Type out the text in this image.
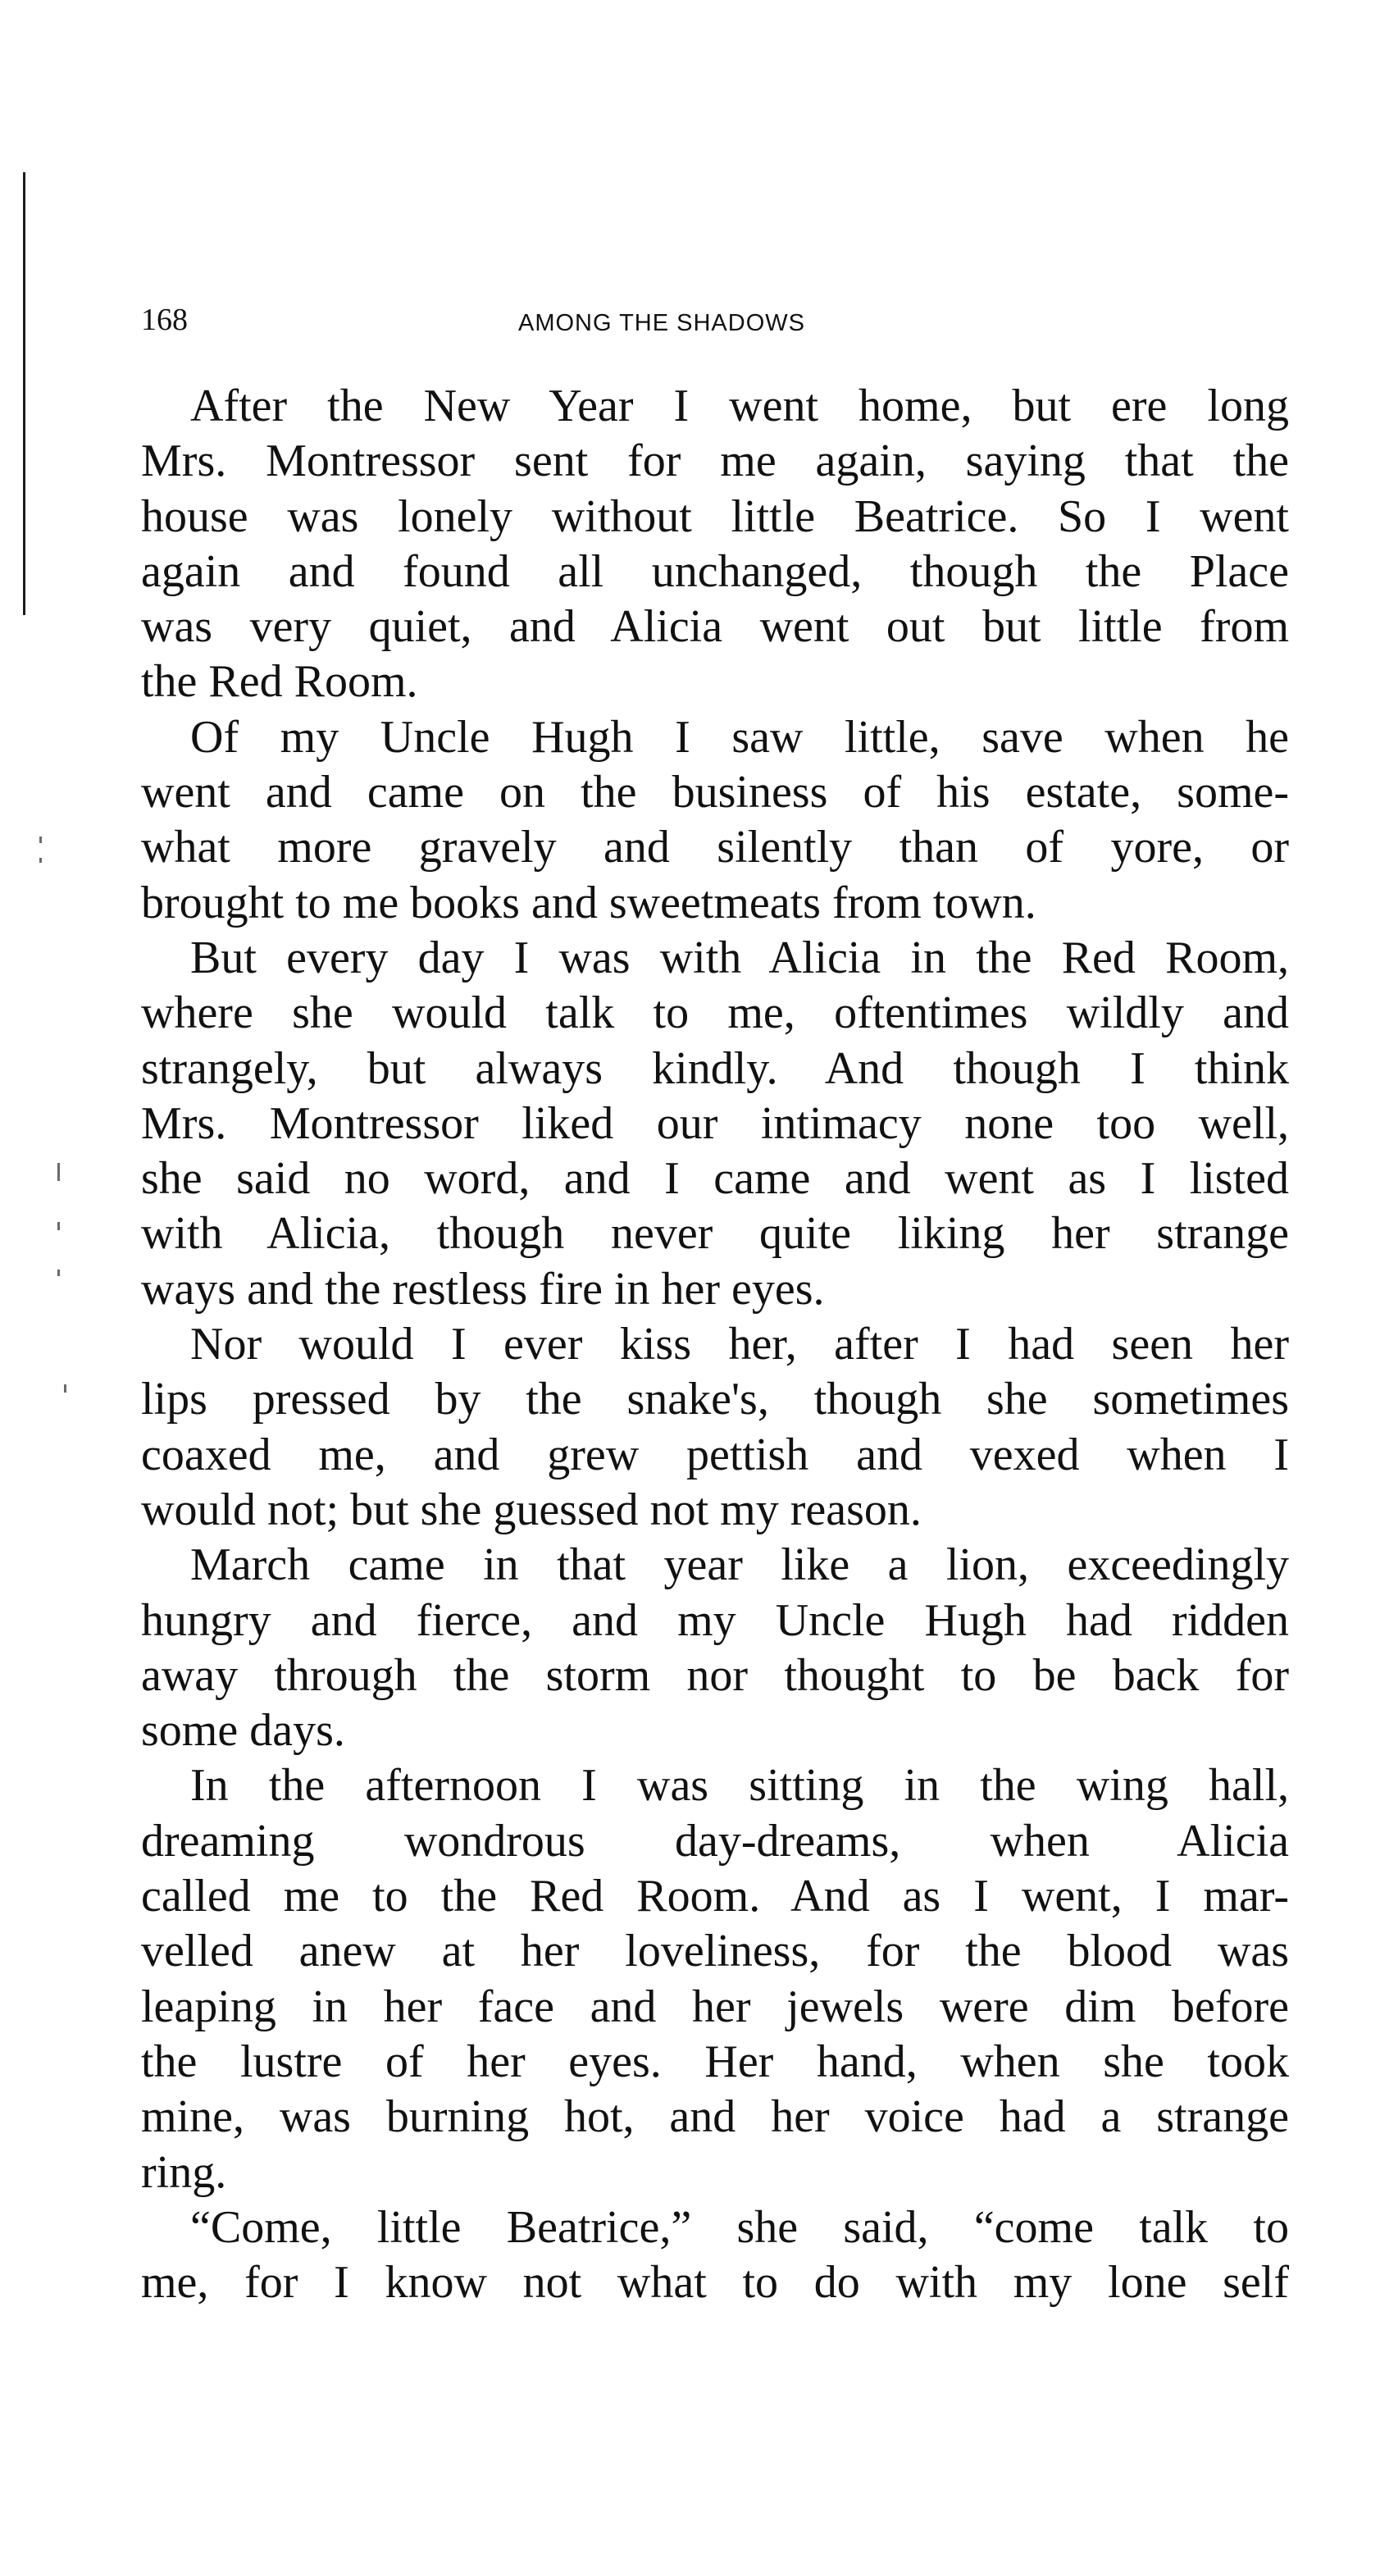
168	AMONG THE SHADOWS
After the New Year I went home, but ere long
Mrs. Montressor sent for me again, saying that the
house was lonely without little Beatrice. So I went
again and found all unchanged, though the Place
was very quiet, and Alicia went out but little from
the Red Room.
Of my Uncle Hugh I saw little, save when he
went and came on the business of his estate, some-
what more gravely and silently than of yore, or
brought to me books and sweetmeats from town.
But every day I was with Alicia in the Red Room,
where she would talk to me, oftentimes wildly and
strangely, but always kindly. And though I think
Mrs. Montressor liked our intimacy none too well,
she said no word, and I came and went as I listed
with Alicia, though never quite liking her strange
ways and the restless fire in her eyes.
Nor would I ever kiss her, after I had seen her
lips pressed by the snake's, though she sometimes
coaxed me, and grew pettish and vexed when I
would not; but she guessed not my reason.
March came in that year like a lion, exceedingly
hungry and fierce, and my Uncle Hugh had ridden
away through the storm nor thought to be back for
some days.
In the afternoon I was sitting in the wing hall,
dreaming wondrous day-dreams, when Alicia
called me to the Red Room. And as I went, I mar-
velled anew at her loveliness, for the blood was
leaping in her face and her jewels were dim before
the lustre of her eyes. Her hand, when she took
mine, was burning hot, and her voice had a strange
ring.
“Come, little Beatrice,” she said, “come talk to
me, for I know not what to do with my lone self
